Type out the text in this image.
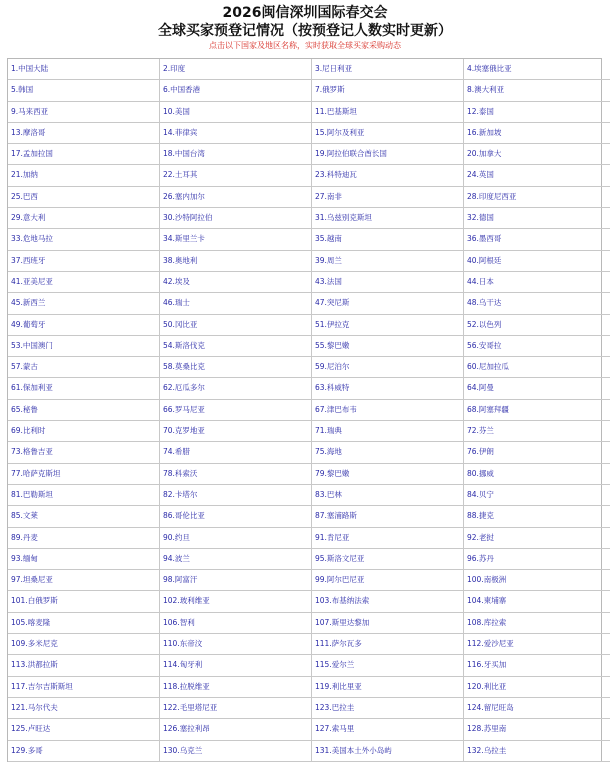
2026闽信深圳国际春交会
全球买家预登记情况（按预登记人数实时更新）
点击以下国家及地区名称，实时获取全球买家采购动态
1.中国大陆	2.印度	3.尼日利亚	4.埃塞俄比亚
5.韩国	6.中国香港	7.俄罗斯	8.澳大利亚
9.马来西亚	10.美国	11.巴基斯坦	12.泰国
13.摩洛哥	14.菲律宾	15.阿尔及利亚	16.新加坡
17.孟加拉国	18.中国台湾	19.阿拉伯联合酋长国	20.加拿大
21.加纳	22.土耳其	23.科特迪瓦	24.英国
25.巴西	26.塞内加尔	27.南非	28.印度尼西亚
29.意大利	30.沙特阿拉伯	31.乌兹别克斯坦	32.德国
33.危地马拉	34.斯里兰卡	35.越南	36.墨西哥
37.西班牙	38.奥地利	39.周兰	40.阿根廷
41.亚美尼亚	42.埃及	43.法国	44.日本
45.新西兰	46.瑞士	47.突尼斯	48.乌干达
49.葡萄牙	50.冈比亚	51.伊拉克	52.以色列
53.中国澳门	54.斯洛伐克	55.黎巴嫩	56.安哥拉
57.蒙古	58.莫桑比克	59.尼泊尔	60.尼加拉瓜
61.保加利亚	62.厄瓜多尔	63.科威特	64.阿曼
65.秘鲁	66.罗马尼亚	67.津巴布韦	68.阿塞拜疆
69.比利时	70.克罗地亚	71.瑞典	72.芬兰
73.格鲁吉亚	74.希腊	75.海地	76.伊朗
77.哈萨克斯坦	78.科索沃	79.黎巴嫩	80.挪威
81.巴勒斯坦	82.卡塔尔	83.巴林	84.贝宁
85.文莱	86.哥伦比亚	87.塞浦路斯	88.捷克
89.丹麦	90.约旦	91.肯尼亚	92.老挝
93.缅甸	94.波兰	95.斯洛文尼亚	96.苏丹
97.坦桑尼亚	98.阿富汗	99.阿尔巴尼亚	100.南极洲
101.白俄罗斯	102.玻利维亚	103.布基纳法索	104.柬埔寨
105.喀麦隆	106.智利	107.斯里达黎加	108.库拉索
109.多米尼克	110.东帝汶	111.萨尔瓦多	112.爱沙尼亚
113.洪都拉斯	114.匈牙利	115.爱尔兰	116.牙买加
117.吉尔吉斯斯坦	118.拉脱维亚	119.利比里亚	120.利比亚
121.马尔代夫	122.毛里塔尼亚	123.巴拉圭	124.留尼旺岛
125.卢旺达	126.塞拉利昂	127.索马里	128.苏里南
129.多哥	130.乌克兰	131.美国本土外小岛屿	132.乌拉圭
